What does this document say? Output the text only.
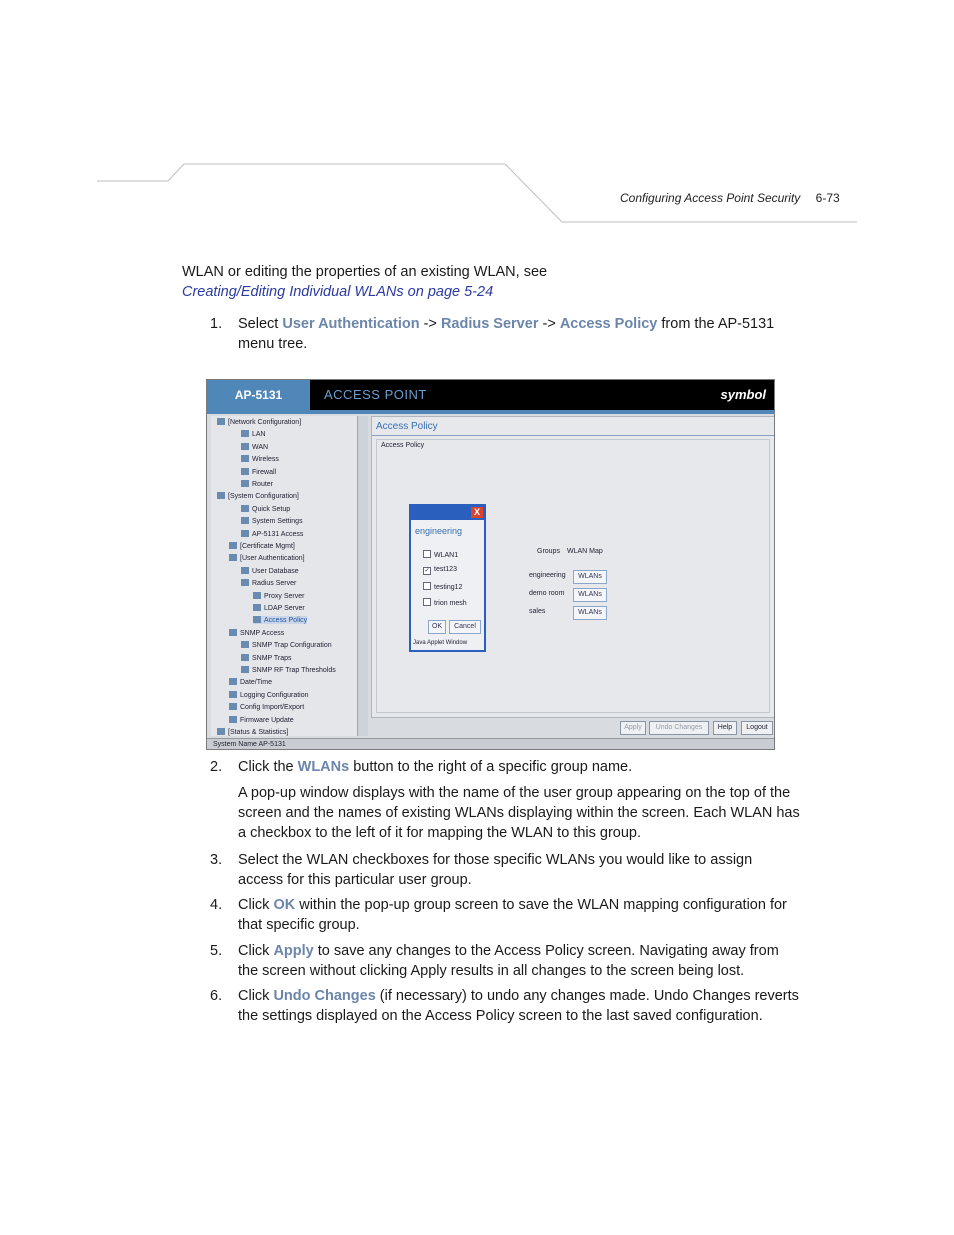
Configuring Access Point Security 6-73
WLAN or editing the properties of an existing WLAN, see
Creating/Editing Individual WLANs on page 5-24
1. Select User Authentication -> Radius Server -> Access Policy from the AP-5131 menu tree.
AP-5131	ACCESS POINT	symbol
[Network Configuration]
LAN
WAN
Wireless
Firewall
Router
[System Configuration]
Quick Setup
System Settings
AP-5131 Access
[Certificate Mgmt]
[User Authentication]
User Database
Radius Server
Proxy Server
LDAP Server
Access Policy
SNMP Access
SNMP Trap Configuration
SNMP Traps
SNMP RF Trap Thresholds
Date/Time
Logging Configuration
Config Import/Export
Firmware Update
[Status & Statistics]
Access Policy
Access Policy
Groups WLAN Map
engineering	WLANs
demo room	WLANs
sales	WLANs
X
engineering
WLAN1
✓ test123
testing12
trion mesh
OK	Cancel
Java Applet Window
Apply	Undo Changes	Help	Logout
System Name AP-5131
2. Click the WLANs button to the right of a specific group name.
A pop-up window displays with the name of the user group appearing on the top of the screen and the names of existing WLANs displaying within the screen. Each WLAN has a checkbox to the left of it for mapping the WLAN to this group.
3. Select the WLAN checkboxes for those specific WLANs you would like to assign access for this particular user group.
4. Click OK within the pop-up group screen to save the WLAN mapping configuration for that specific group.
5. Click Apply to save any changes to the Access Policy screen. Navigating away from the screen without clicking Apply results in all changes to the screen being lost.
6. Click Undo Changes (if necessary) to undo any changes made. Undo Changes reverts the settings displayed on the Access Policy screen to the last saved configuration.
